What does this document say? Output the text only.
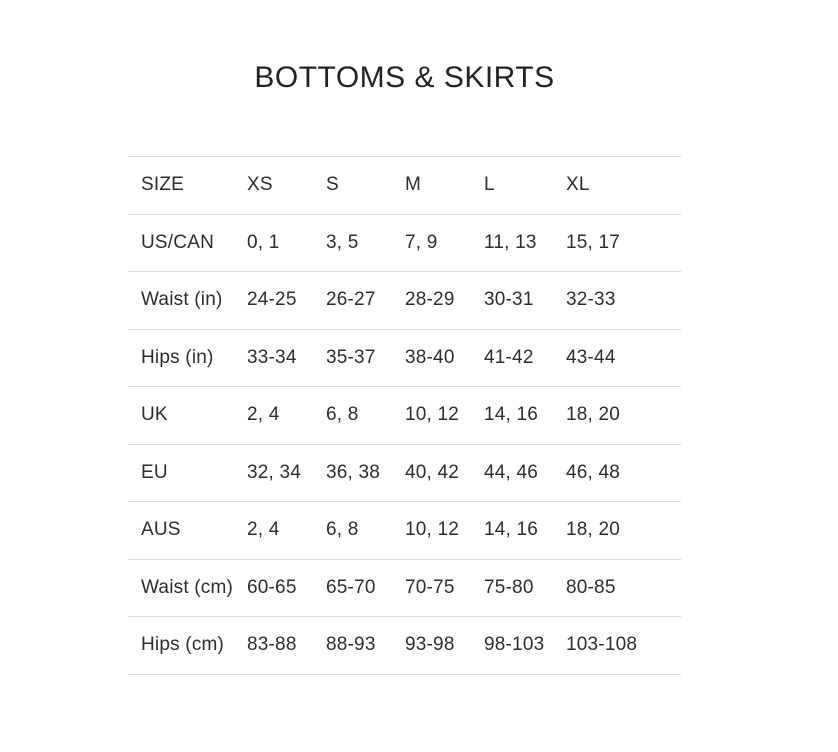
BOTTOMS & SKIRTS
SIZE	XS	S	M	L	XL
US/CAN	0, 1	3, 5	7, 9	11, 13	15, 17
Waist (in)	24-25	26-27	28-29	30-31	32-33
Hips (in)	33-34	35-37	38-40	41-42	43-44
UK	2, 4	6, 8	10, 12	14, 16	18, 20
EU	32, 34	36, 38	40, 42	44, 46	46, 48
AUS	2, 4	6, 8	10, 12	14, 16	18, 20
Waist (cm)	60-65	65-70	70-75	75-80	80-85
Hips (cm)	83-88	88-93	93-98	98-103	103-108
